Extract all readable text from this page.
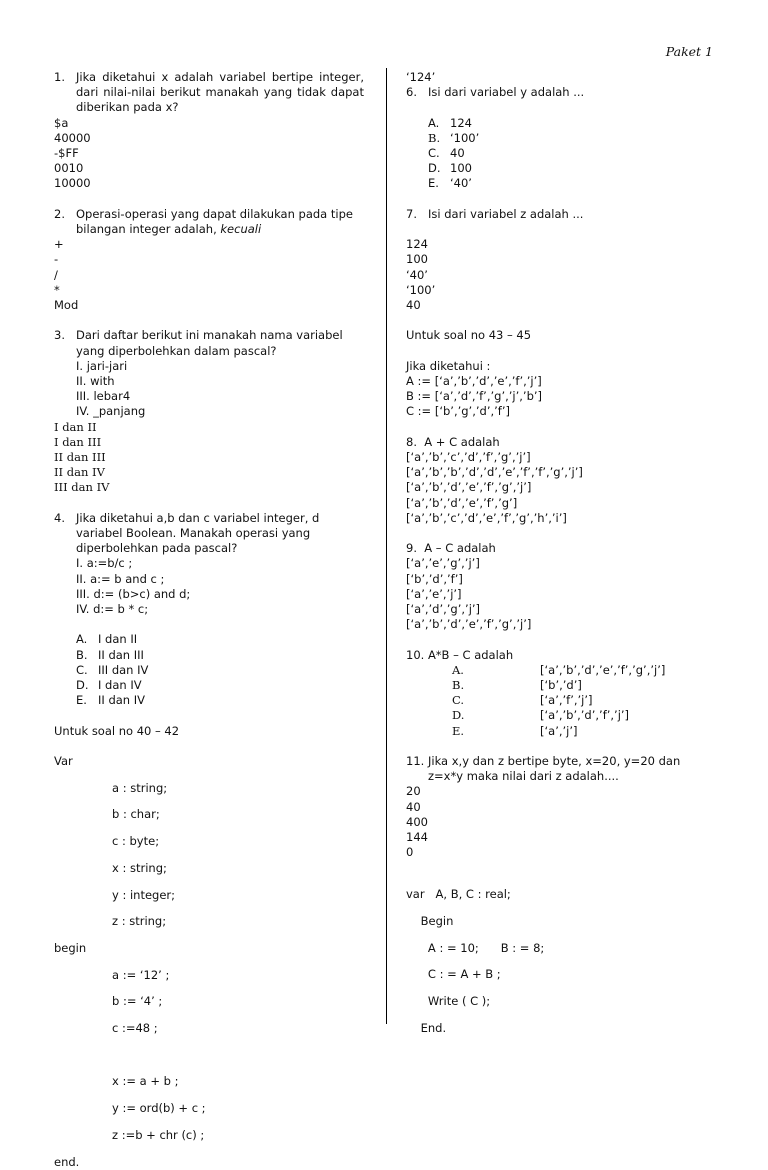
Paket 1
1. Jika diketahui x adalah variabel bertipe integer, dari nilai-nilai berikut manakah yang tidak dapat diberikan pada x?

$a

40000

-$FF

0010

10000

2. Operasi-operasi yang dapat dilakukan pada tipe bilangan integer adalah, kecuali

+

-

/

*

Mod

3. Dari daftar berikut ini manakah nama variabel yang diperbolehkan dalam pascal?

I. jari-jari

II. with

III. lebar4

IV. _panjang

I dan II

I dan III

II dan III

II dan IV

III dan IV

4. Jika diketahui a,b dan c variabel integer, d variabel Boolean. Manakah operasi yang diperbolehkan pada pascal?

I. a:=b/c ;

II. a:= b and c ;

III. d:= (b>c) and d;

IV. d:= b * c;

A. I dan II
B. II dan III
C. III dan IV
D. I dan IV
E. II dan IV

Untuk soal no 40 – 42

Var

a : string;

b : char;

c : byte;

x : string;

y : integer;

z : string;

begin

a := ‘12’ ;

b := ‘4’ ;

c :=48 ;

x := a + b ;

y := ord(b) + c ;

z :=b + chr (c) ;

end.

‘124’

6. Isi dari variabel y adalah ...
A. 124
B. ‘100’
C. 40
D. 100
E. ‘40’
7. Isi dari variabel z adalah ...

124

100

‘40’

‘100’

40

Untuk soal no 43 – 45

Jika diketahui :

A := [‘a’,’b’,’d’,’e’,’f’,’j’]

B := [‘a’,’d’,’f’,’g’,’j’,’b’]

C := [‘b’,’g’,’d’,’f’]

8.  A + C adalah

[‘a’,’b’,’c’,’d’,’f’,’g’,’j’]

[‘a’,’b’,’b’,’d’,’d’,’e’,’f’,’f’,’g’,’j’]

[‘a’,’b’,’d’,’e’,’f’,’g’,’j’]

[‘a’,’b’,’d’,’e’,’f’,’g’]

[‘a’,’b’,’c’,’d’,’e’,’f’,’g’,’h’,’i’]

9.  A – C adalah

[‘a’,’e’,’g’,’j’]

[‘b’,’d’,’f’]

[‘a’,’e’,’j’]

[‘a’,’d’,’g’,’j’]

[‘a’,’b’,’d’,’e’,’f’,’g’,’j’]

10. A*B – C adalah

A.	[‘a’,’b’,’d’,’e’,’f’,’g’,’j’]
B.	[‘b’,’d’]
C.	[‘a’,’f’,’j’]
D.	[‘a’,’b’,’d’,’f’,’j’]
E.	[‘a’,’j’]
11. Jika x,y dan z bertipe byte, x=20, y=20 dan z=x*y maka nilai dari z adalah....

20

40

400

144

0

var   A, B, C : real;

Begin

A : = 10;      B : = 8;

C : = A + B ;

Write ( C );

End.
